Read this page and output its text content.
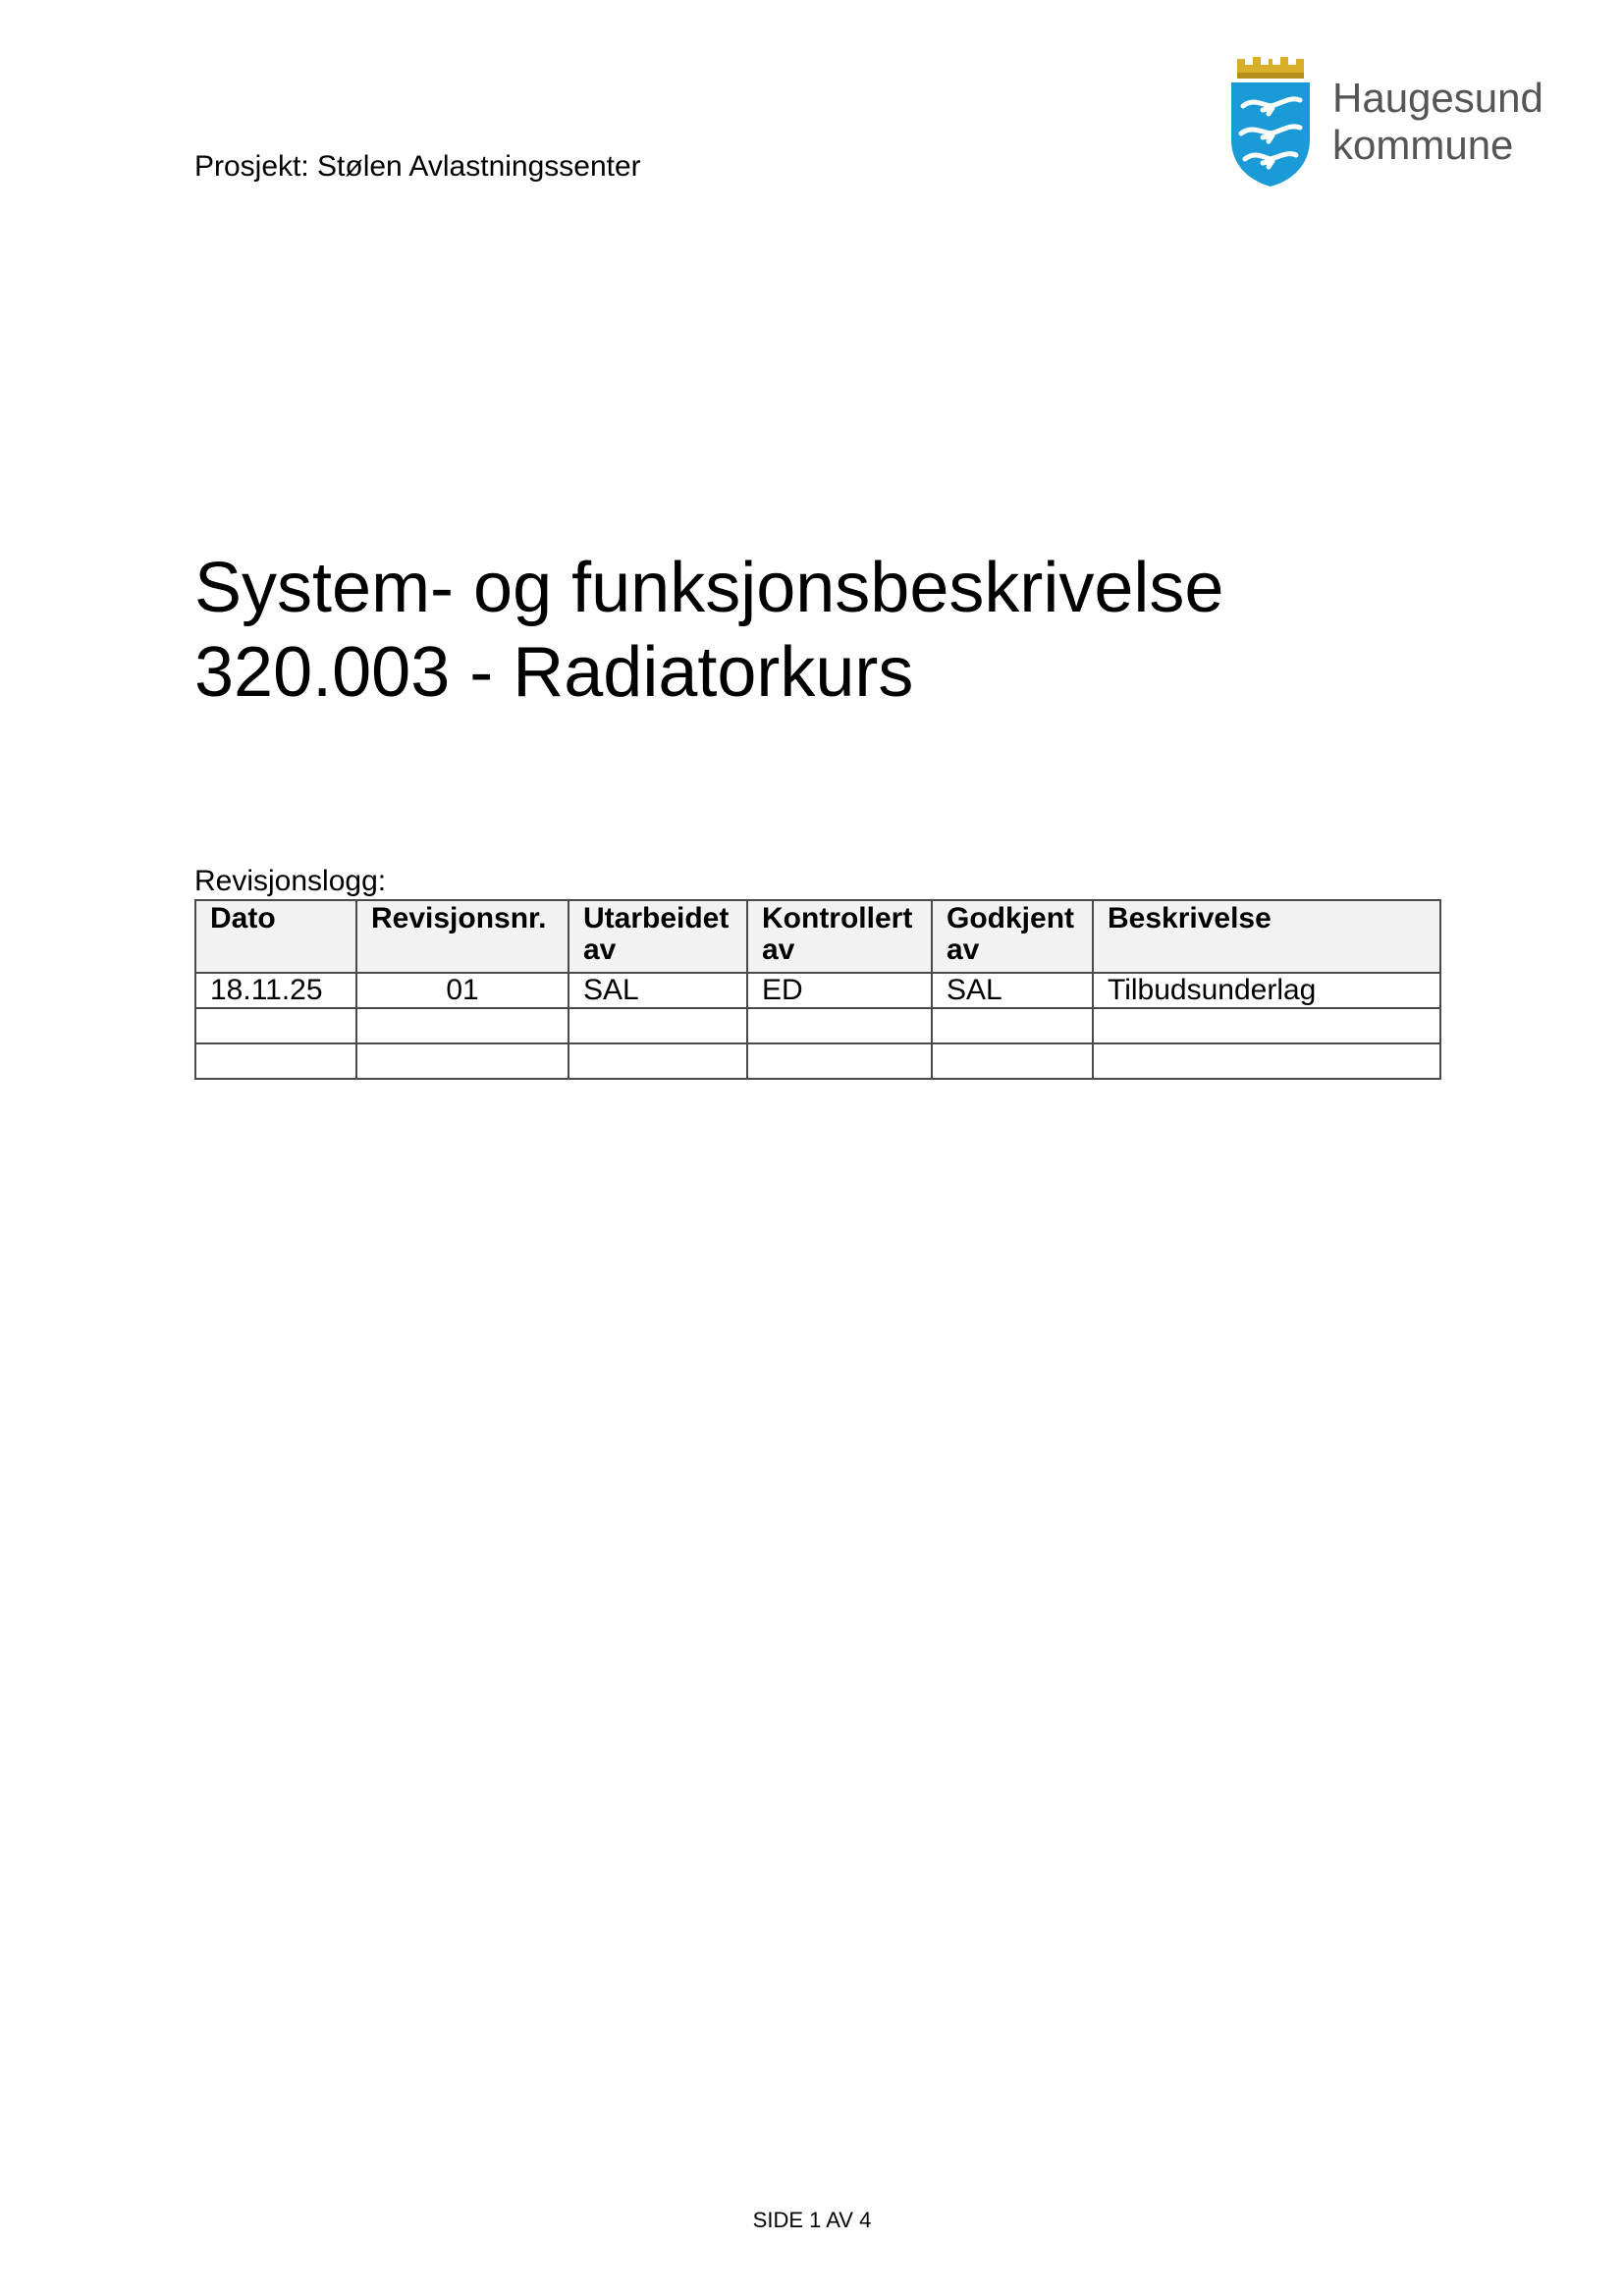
Prosjekt: Stølen Avlastningssenter
Haugesund
kommune
System- og funksjonsbeskrivelse
320.003 - Radiatorkurs
Revisjonslogg:
Dato	Revisjonsnr.	Utarbeidet av	Kontrollert av	Godkjent av	Beskrivelse
18.11.25	01	SAL	ED	SAL	Tilbudsunderlag

SIDE 1 AV 4
